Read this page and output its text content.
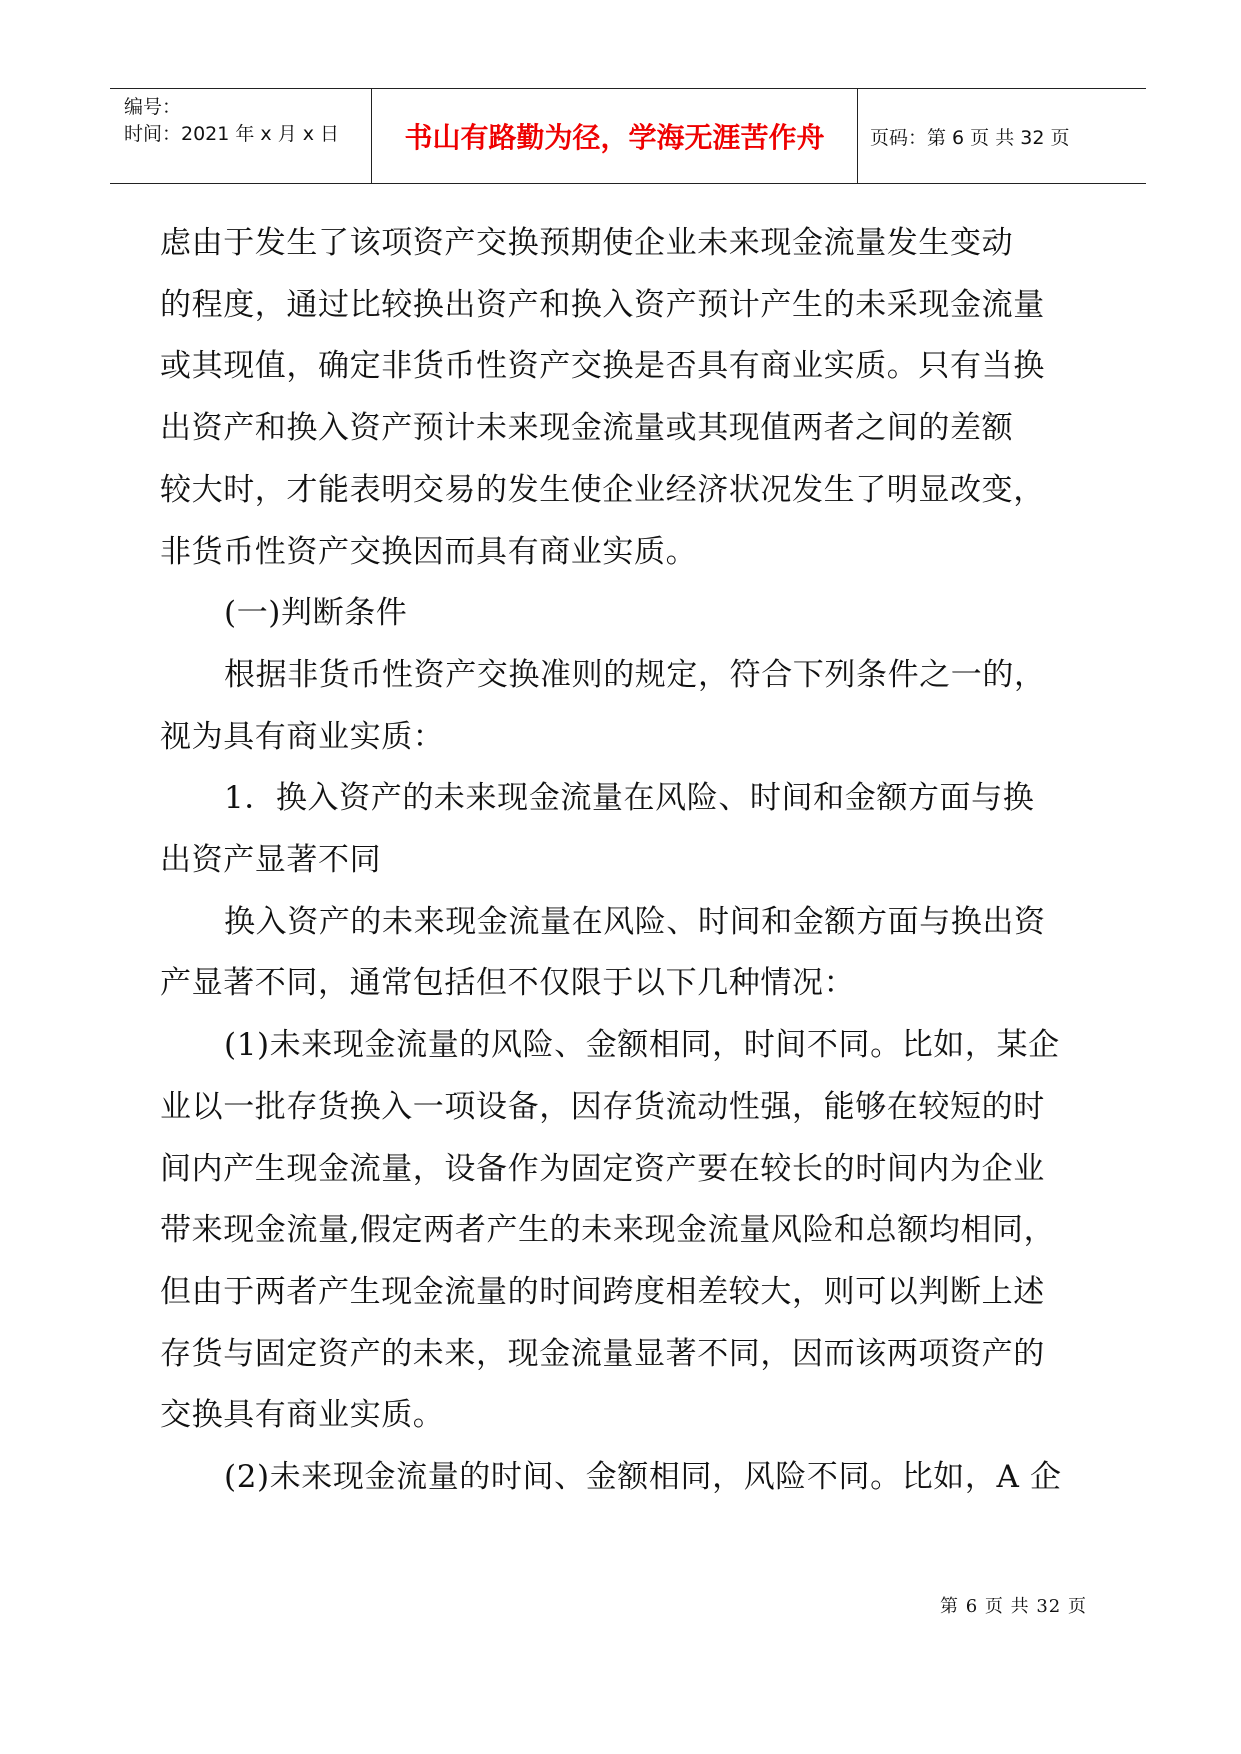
编号：
时间：2021 年 x 月 x 日	书山有路勤为径，学海无涯苦作舟	页码：第 6 页 共 32 页

虑由于发生了该项资产交换预期使企业未来现金流量发生变动
的程度，通过比较换出资产和换入资产预计产生的未采现金流量
或其现值，确定非货币性资产交换是否具有商业实质。只有当换
出资产和换入资产预计未来现金流量或其现值两者之间的差额
较大时，才能表明交易的发生使企业经济状况发生了明显改变，
非货币性资产交换因而具有商业实质。

(一)判断条件

根据非货币性资产交换准则的规定，符合下列条件之一的，
视为具有商业实质：

1．换入资产的未来现金流量在风险、时间和金额方面与换
出资产显著不同

换入资产的未来现金流量在风险、时间和金额方面与换出资
产显著不同，通常包括但不仅限于以下几种情况：

(1)未来现金流量的风险、金额相同，时间不同。比如，某企
业以一批存货换入一项设备，因存货流动性强，能够在较短的时
间内产生现金流量，设备作为固定资产要在较长的时间内为企业
带来现金流量,假定两者产生的未来现金流量风险和总额均相同，
但由于两者产生现金流量的时间跨度相差较大，则可以判断上述
存货与固定资产的未来，现金流量显著不同，因而该两项资产的
交换具有商业实质。

(2)未来现金流量的时间、金额相同，风险不同。比如，A 企

第 6 页 共 32 页
